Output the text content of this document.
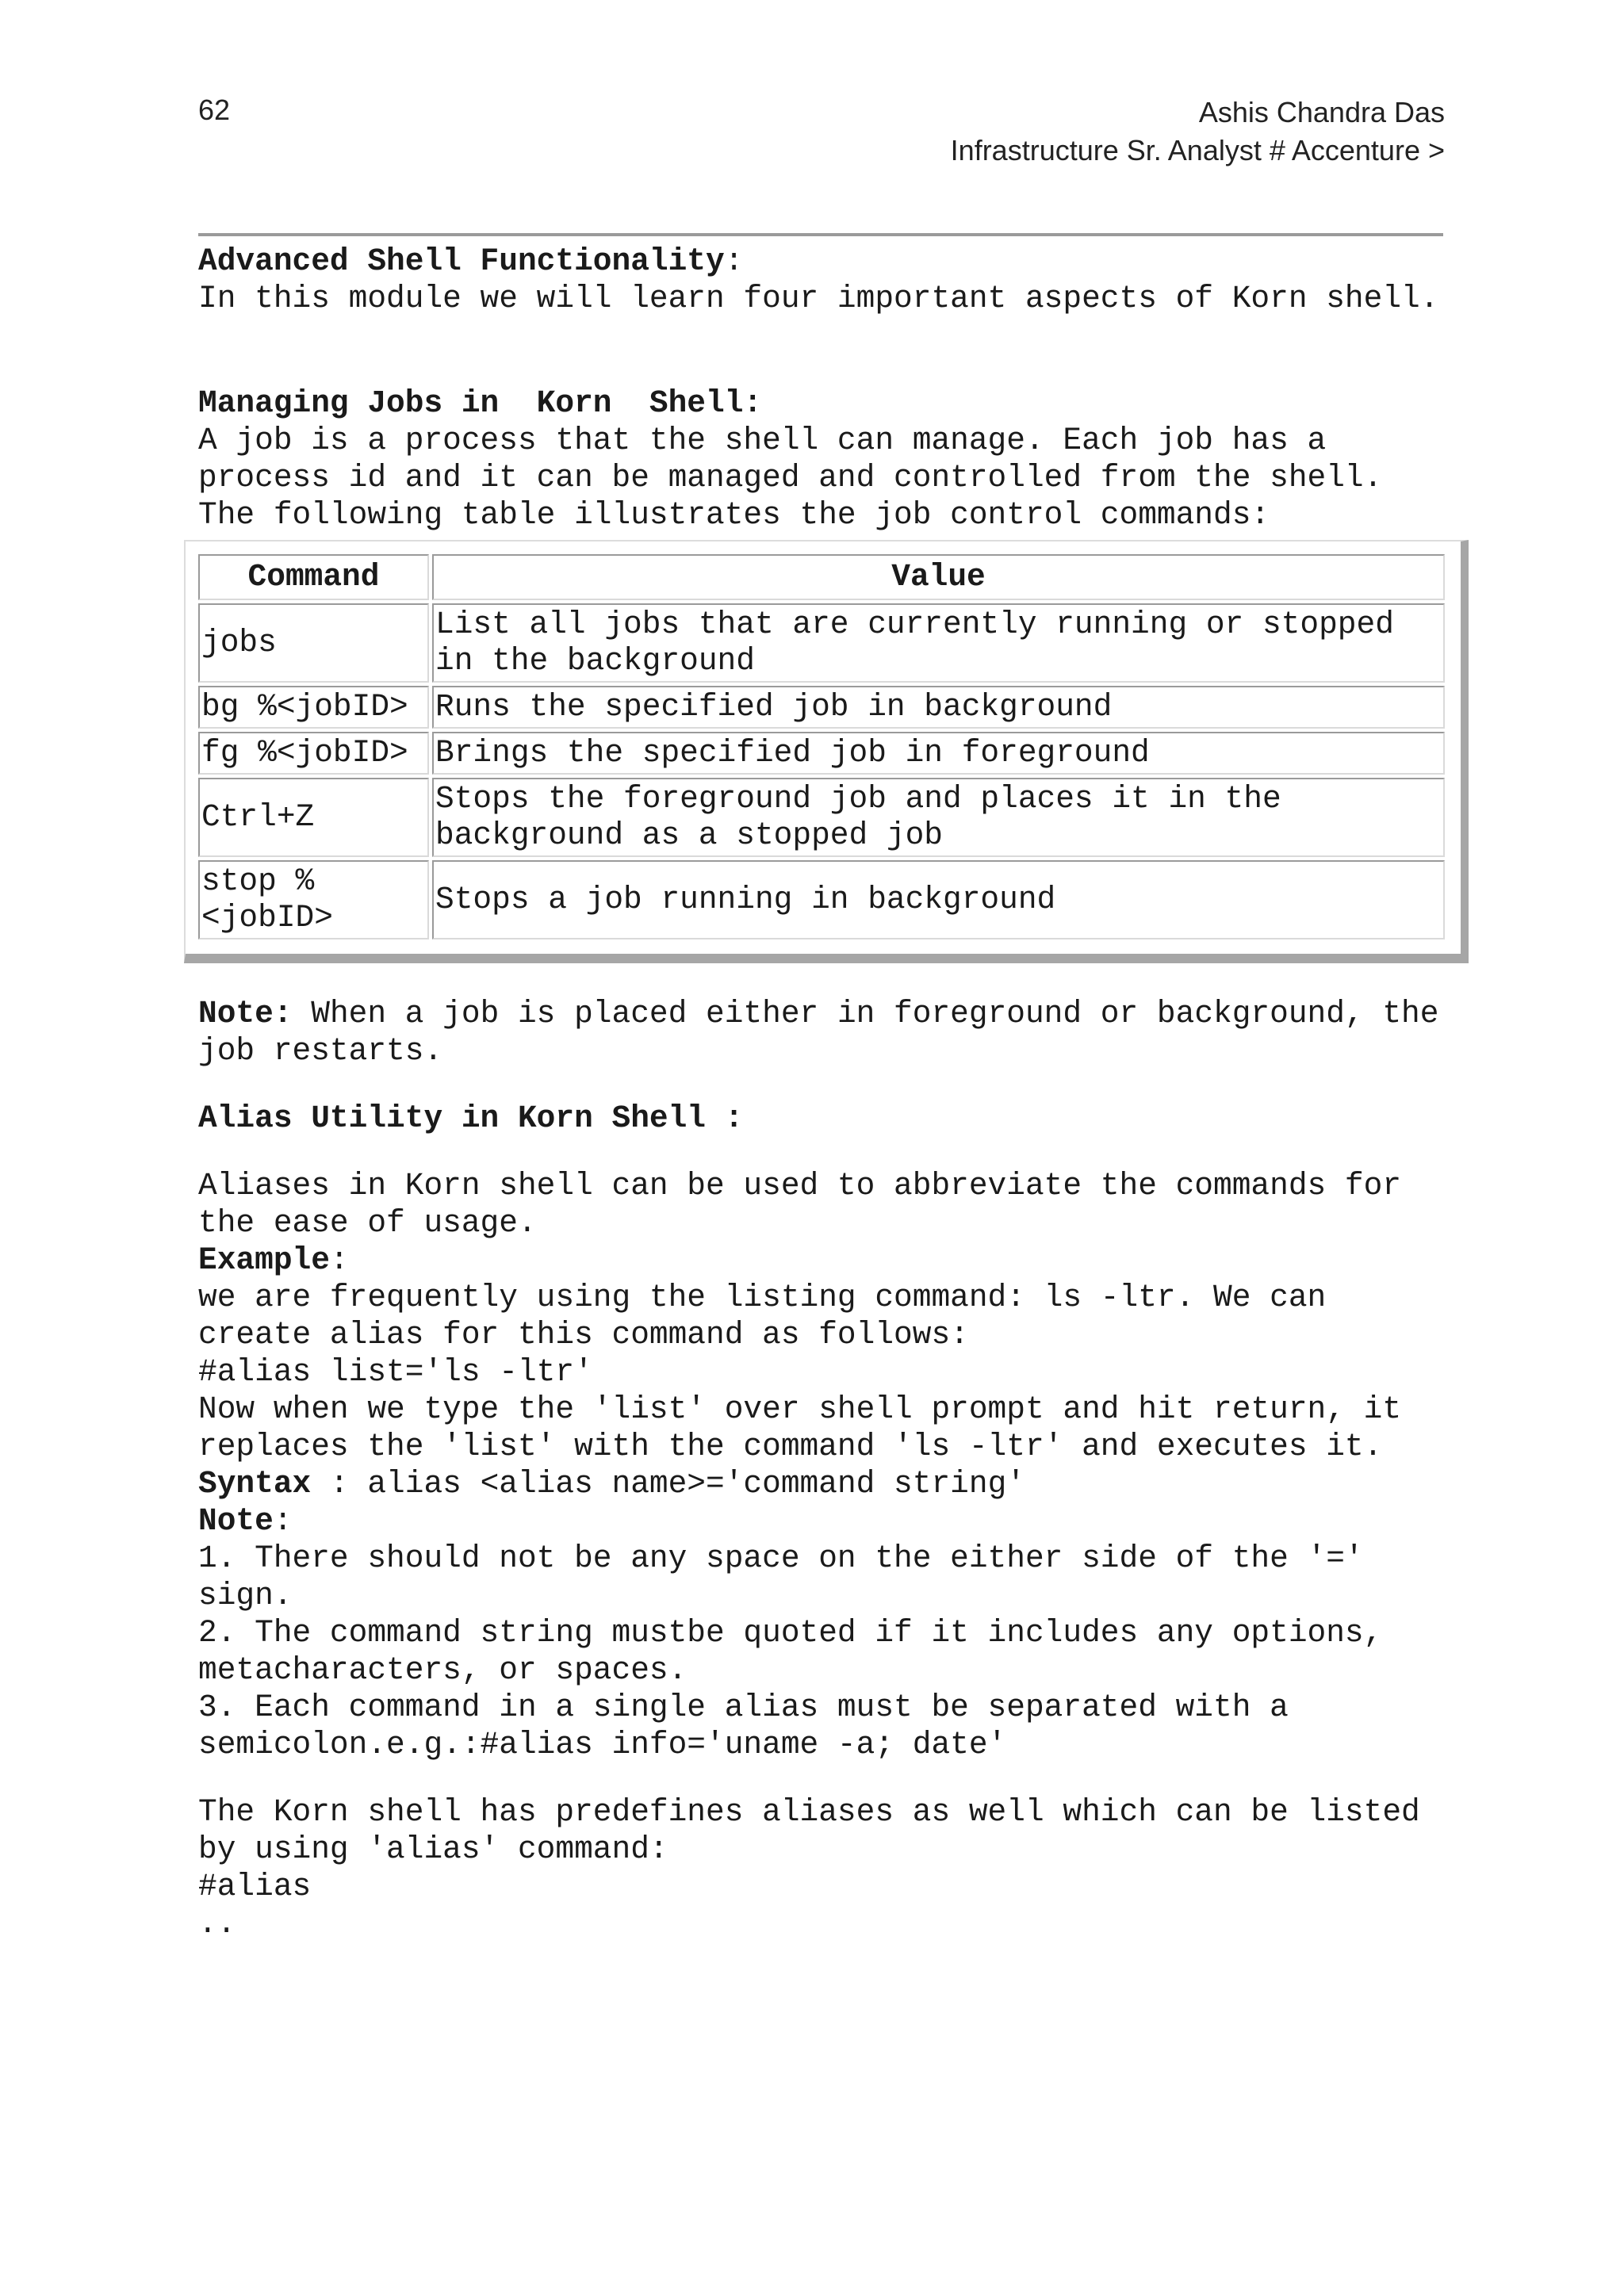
62	Ashis Chandra Das
Infrastructure Sr. Analyst # Accenture >

Advanced Shell Functionality:

In this module we will learn four important aspects of Korn shell.

Managing Jobs in  Korn  Shell:

A job is a process that the shell can manage. Each job has a process id and it can be managed and controlled from the shell.

The following table illustrates the job control commands:

Command	Value
jobs	List all jobs that are currently running or stopped in the background
bg %<jobID>	Runs the specified job in background
fg %<jobID>	Brings the specified job in foreground
Ctrl+Z	Stops the foreground job and places it in the background as a stopped job
stop %<jobID>	Stops a job running in background

Note: When a job is placed either in foreground or background, the job restarts.

Alias Utility in Korn Shell :

Aliases in Korn shell can be used to abbreviate the commands for the ease of usage.

Example:

we are frequently using the listing command: ls -ltr. We can create alias for this command as follows:

#alias list='ls -ltr'

Now when we type the 'list' over shell prompt and hit return, it replaces the 'list' with the command 'ls -ltr' and executes it.

Syntax : alias <alias name>='command string'

Note:

1. There should not be any space on the either side of the '=' sign.

2. The command string mustbe quoted if it includes any options, metacharacters, or spaces.

3. Each command in a single alias must be separated with a semicolon.e.g.:#alias info='uname -a; date'

The Korn shell has predefines aliases as well which can be listed by using 'alias' command:

#alias

..
